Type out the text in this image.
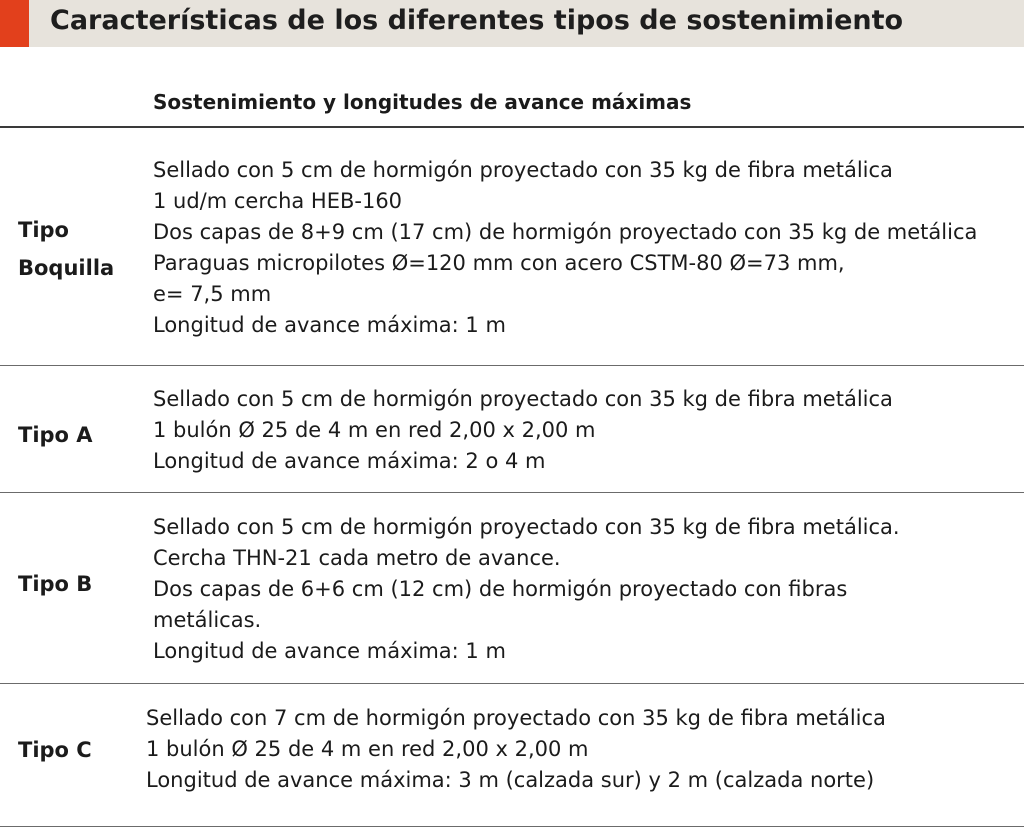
Características de los diferentes tipos de sostenimiento
Sostenimiento y longitudes de avance máximas
Tipo
Boquilla
Sellado con 5 cm de hormigón proyectado con 35 kg de fibra metálica
1 ud/m cercha HEB-160
Dos capas de 8+9 cm (17 cm) de hormigón proyectado con 35 kg de metálica
Paraguas micropilotes Ø=120 mm con acero CSTM-80 Ø=73 mm,
e= 7,5 mm
Longitud de avance máxima: 1 m
Tipo A
Sellado con 5 cm de hormigón proyectado con 35 kg de fibra metálica
1 bulón Ø 25 de 4 m en red 2,00 x 2,00 m
Longitud de avance máxima: 2 o 4 m
Tipo B
Sellado con 5 cm de hormigón proyectado con 35 kg de fibra metálica.
Cercha THN-21 cada metro de avance.
Dos capas de 6+6 cm (12 cm) de hormigón proyectado con fibras
metálicas.
Longitud de avance máxima: 1 m
Tipo C
Sellado con 7 cm de hormigón proyectado con 35 kg de fibra metálica
1 bulón Ø 25 de 4 m en red 2,00 x 2,00 m
Longitud de avance máxima: 3 m (calzada sur) y 2 m (calzada norte)
